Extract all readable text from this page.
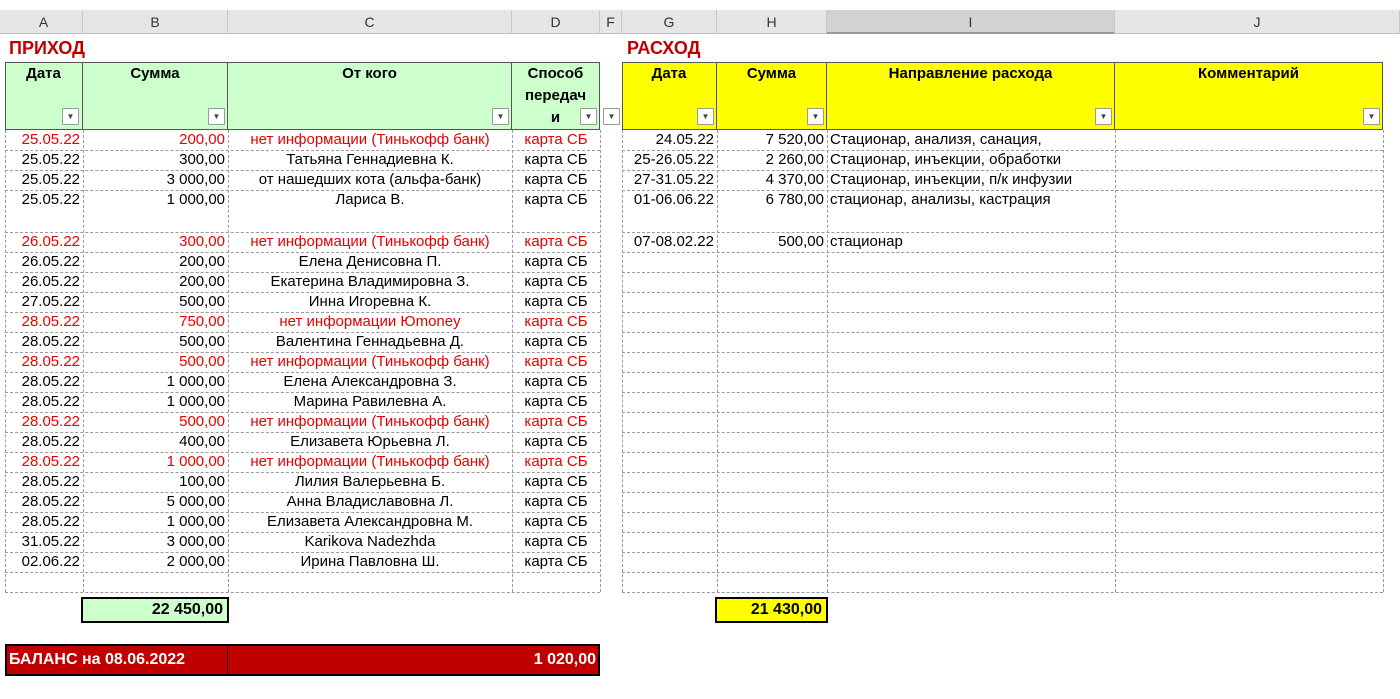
A	B	C	D	F	G	H	I	J
ПРИХОД	РАСХОД
Дата	Сумма	От кого	Способ
передач
и
▼	▼	▼	▼	▼
Дата	Сумма	Направление расхода	Комментарий
▼	▼	▼	▼
25.05.22	200,00	нет информации (Тинькофф банк)	карта СБ
25.05.22	300,00	Татьяна Геннадиевна К.	карта СБ
25.05.22	3 000,00	от нашедших кота (альфа-банк)	карта СБ
25.05.22	1 000,00	Лариса В.	карта СБ
26.05.22	300,00	нет информации (Тинькофф банк)	карта СБ
26.05.22	200,00	Елена Денисовна П.	карта СБ
26.05.22	200,00	Екатерина Владимировна З.	карта СБ
27.05.22	500,00	Инна Игоревна К.	карта СБ
28.05.22	750,00	нет информации Юmoney	карта СБ
28.05.22	500,00	Валентина Геннадьевна Д.	карта СБ
28.05.22	500,00	нет информации (Тинькофф банк)	карта СБ
28.05.22	1 000,00	Елена Александровна З.	карта СБ
28.05.22	1 000,00	Марина Равилевна А.	карта СБ
28.05.22	500,00	нет информации (Тинькофф банк)	карта СБ
28.05.22	400,00	Елизавета Юрьевна Л.	карта СБ
28.05.22	1 000,00	нет информации (Тинькофф банк)	карта СБ
28.05.22	100,00	Лилия Валерьевна Б.	карта СБ
28.05.22	5 000,00	Анна Владиславовна Л.	карта СБ
28.05.22	1 000,00	Елизавета Александровна М.	карта СБ
31.05.22	3 000,00	Karikova Nadezhda	карта СБ
02.06.22	2 000,00	Ирина Павловна Ш.	карта СБ
24.05.22	7 520,00 Стационар, анализя, санация,
25-26.05.22	2 260,00 Стационар, инъекции, обработки
27-31.05.22	4 370,00 Стационар, инъекции, п/к инфузии
01-06.06.22	6 780,00 стационар, анализы, кастрация
07-08.02.22	500,00 стационар
22 450,00	21 430,00
БАЛАНС на 08.06.2022	1 020,00
